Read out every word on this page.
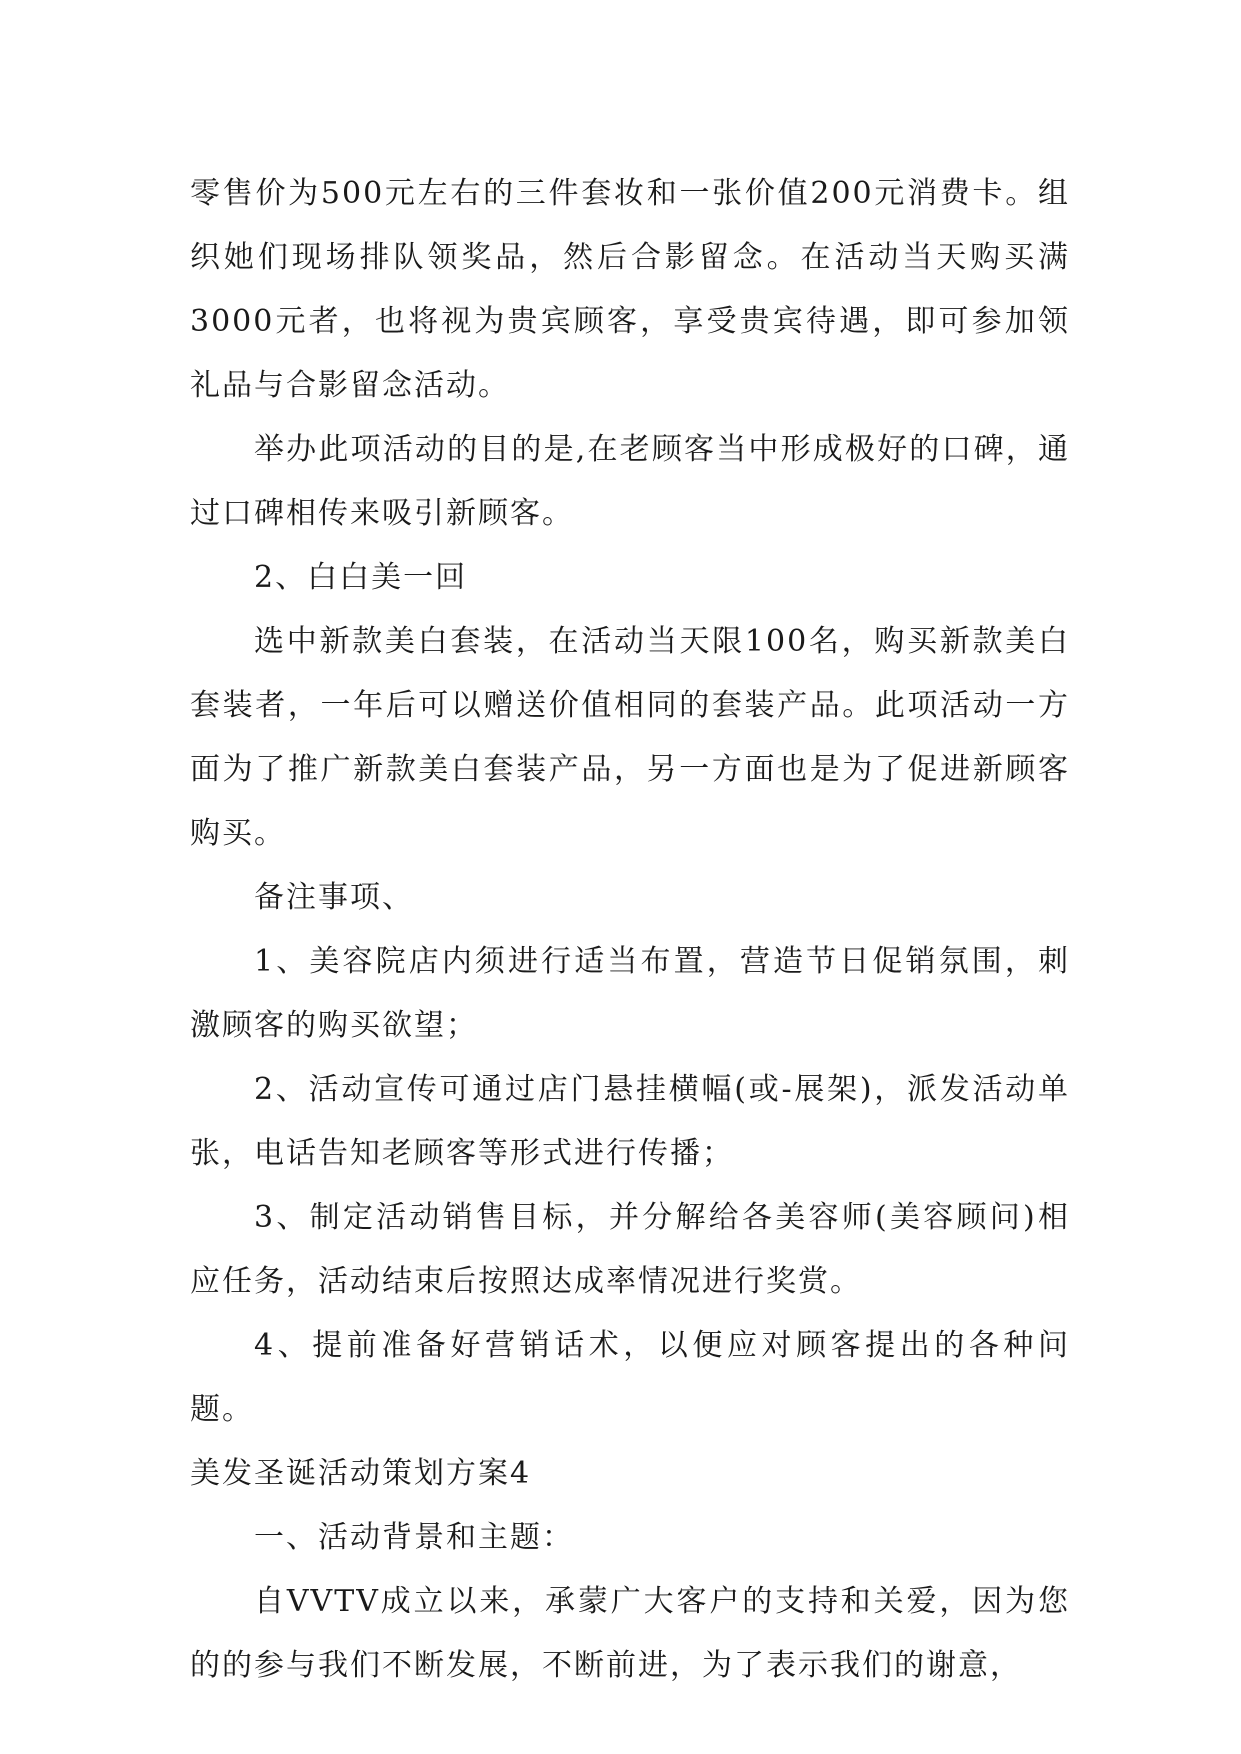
零售价为500元左右的三件套妆和一张价值200元消费卡。组织她们现场排队领奖品，然后合影留念。在活动当天购买满3000元者，也将视为贵宾顾客，享受贵宾待遇，即可参加领礼品与合影留念活动。

举办此项活动的目的是,在老顾客当中形成极好的口碑，通过口碑相传来吸引新顾客。

2、白白美一回

选中新款美白套装，在活动当天限100名，购买新款美白套装者，一年后可以赠送价值相同的套装产品。此项活动一方面为了推广新款美白套装产品，另一方面也是为了促进新顾客购买。

备注事项、

1、美容院店内须进行适当布置，营造节日促销氛围，刺激顾客的购买欲望；

2、活动宣传可通过店门悬挂横幅(或-展架)，派发活动单张，电话告知老顾客等形式进行传播；

3、制定活动销售目标，并分解给各美容师(美容顾问)相应任务，活动结束后按照达成率情况进行奖赏。

4、提前准备好营销话术，以便应对顾客提出的各种问题。

美发圣诞活动策划方案4

一、活动背景和主题：

自VVTV成立以来，承蒙广大客户的支持和关爱，因为您的的参与我们不断发展，不断前进，为了表示我们的谢意，
